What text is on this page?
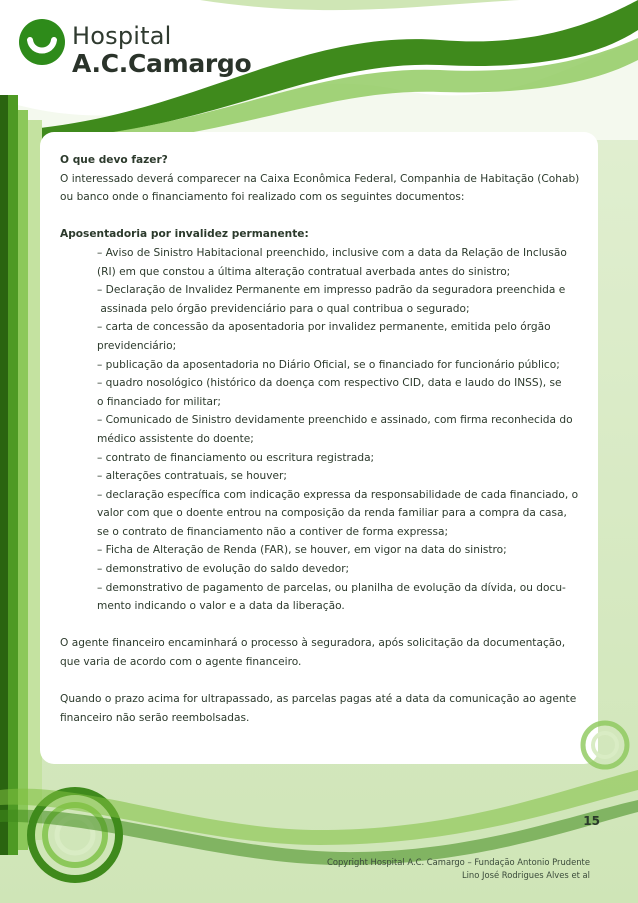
Hospital
A.C.Camargo

O que devo fazer?

O interessado deverá comparecer na Caixa Econômica Federal, Companhia de Habitação (Cohab)

ou banco onde o financiamento foi realizado com os seguintes documentos:

Aposentadoria por invalidez permanente:

– Aviso de Sinistro Habitacional preenchido, inclusive com a data da Relação de Inclusão

(RI) em que constou a última alteração contratual averbada antes do sinistro;

– Declaração de Invalidez Permanente em impresso padrão da seguradora preenchida e

assinada pelo órgão previdenciário para o qual contribua o segurado;

– carta de concessão da aposentadoria por invalidez permanente, emitida pelo órgão

previdenciário;

– publicação da aposentadoria no Diário Oficial, se o financiado for funcionário público;

– quadro nosológico (histórico da doença com respectivo CID, data e laudo do INSS), se

o financiado for militar;

– Comunicado de Sinistro devidamente preenchido e assinado, com firma reconhecida do

médico assistente do doente;

– contrato de financiamento ou escritura registrada;

– alterações contratuais, se houver;

– declaração específica com indicação expressa da responsabilidade de cada financiado, o

valor com que o doente entrou na composição da renda familiar para a compra da casa,

se o contrato de financiamento não a contiver de forma expressa;

– Ficha de Alteração de Renda (FAR), se houver, em vigor na data do sinistro;

– demonstrativo de evolução do saldo devedor;

– demonstrativo de pagamento de parcelas, ou planilha de evolução da dívida, ou docu-

mento indicando o valor e a data da liberação.

O agente financeiro encaminhará o processo à seguradora, após solicitação da documentação,

que varia de acordo com o agente financeiro.

Quando o prazo acima for ultrapassado, as parcelas pagas até a data da comunicação ao agente

financeiro não serão reembolsadas.

15
Copyright Hospital A.C. Camargo – Fundação Antonio Prudente
Lino José Rodrigues Alves et al
